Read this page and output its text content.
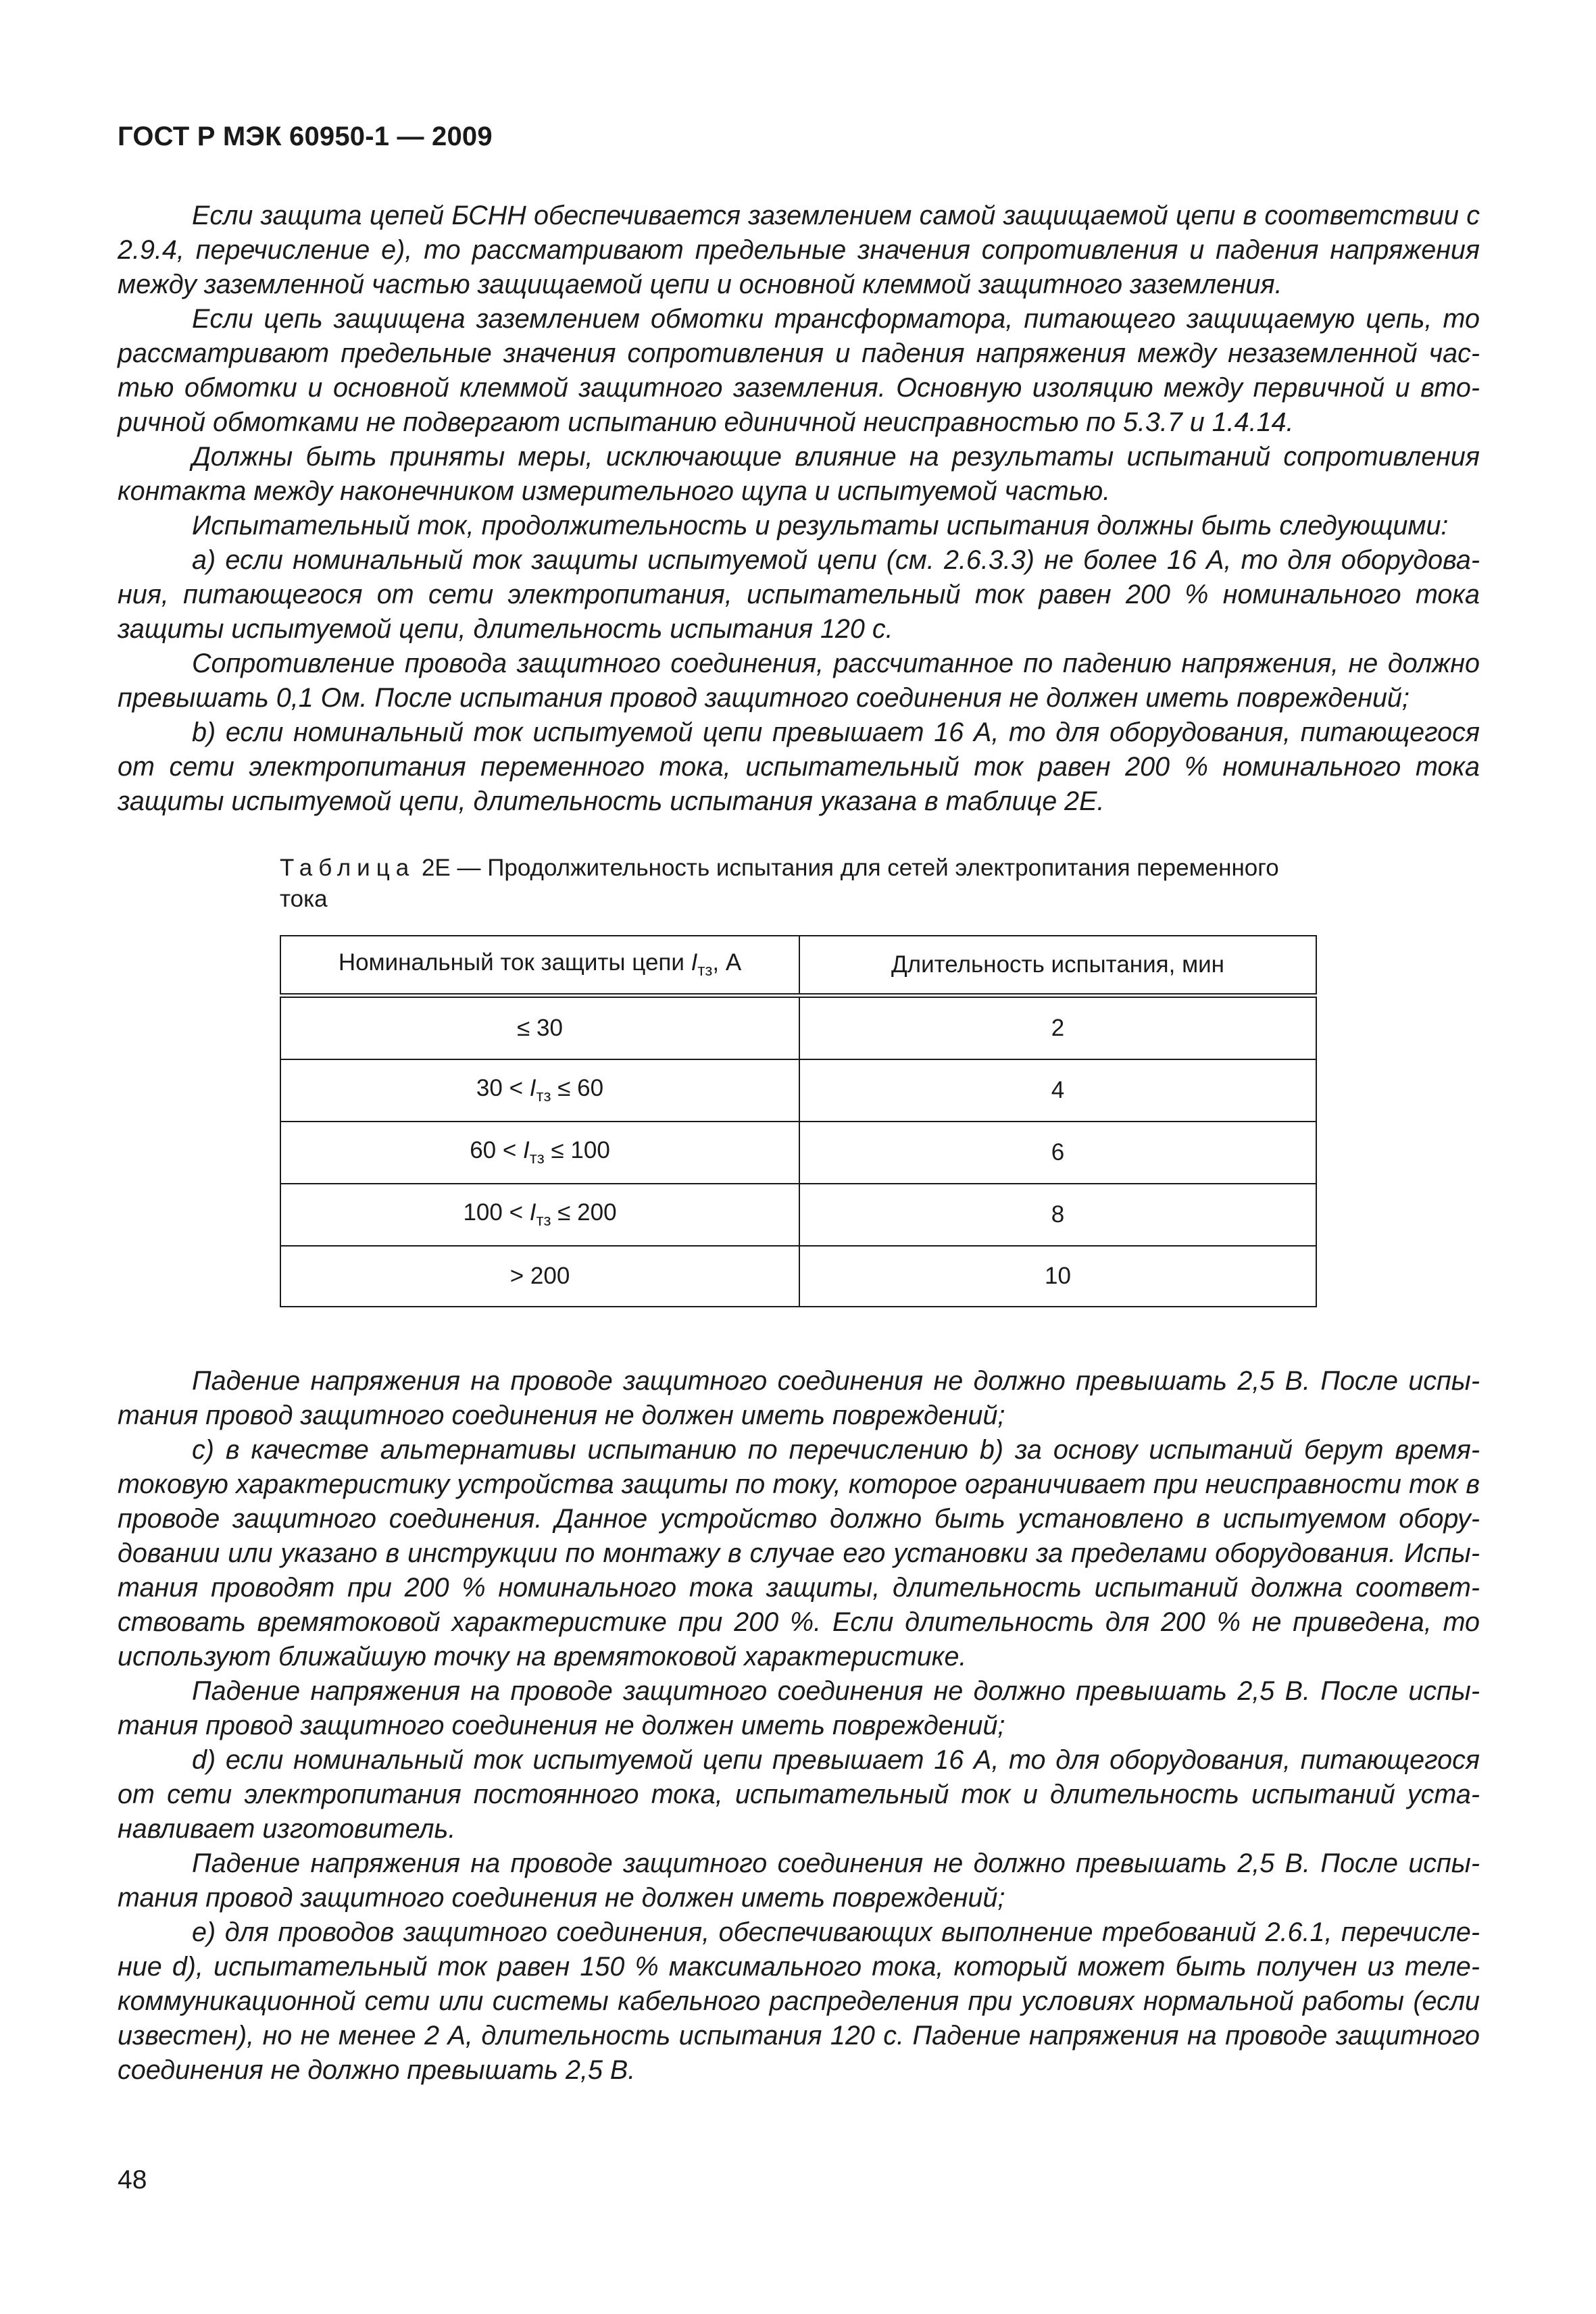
ГОСТ Р МЭК 60950-1 — 2009

Если защита цепей БСНН обеспечивается заземлением самой защищаемой цепи в соответствии с 2.9.4, перечисление е), то рассматривают предельные значения сопротивления и падения напряжения между заземленной частью защищаемой цепи и основной клеммой защитного заземления.

Если цепь защищена заземлением обмотки трансформатора, питающего защищаемую цепь, то рассматривают предельные значения сопротивления и падения напряжения между незаземленной частью обмотки и основной клеммой защитного заземления. Основную изоляцию между первичной и вторичной обмотками не подвергают испытанию единичной неисправностью по 5.3.7 и 1.4.14.

Должны быть приняты меры, исключающие влияние на результаты испытаний сопротивления контакта между наконечником измерительного щупа и испытуемой частью.

Испытательный ток, продолжительность и результаты испытания должны быть следующими:

а) если номинальный ток защиты испытуемой цепи (см. 2.6.3.3) не более 16 А, то для оборудования, питающегося от сети электропитания, испытательный ток равен 200 % номинального тока защиты испытуемой цепи, длительность испытания 120 с.

Сопротивление провода защитного соединения, рассчитанное по падению напряжения, не должно превышать 0,1 Ом. После испытания провод защитного соединения не должен иметь повреждений;

b) если номинальный ток испытуемой цепи превышает 16 А, то для оборудования, питающегося от сети электропитания переменного тока, испытательный ток равен 200 % номинального тока защиты испытуемой цепи, длительность испытания указана в таблице 2Е.

Таблица 2Е — Продолжительность испытания для сетей электропитания переменного тока
Номинальный ток защиты цепи $I_{тз}$, А	Длительность испытания, мин
≤ 30	2
$30 < I_{тз} \le 60$	4
$60 < I_{тз} \le 100$	6
$100 < I_{тз} \le 200$	8
> 200	10

Падение напряжения на проводе защитного соединения не должно превышать 2,5 В. После испытания провод защитного соединения не должен иметь повреждений;

с) в качестве альтернативы испытанию по перечислению b) за основу испытаний берут времятоковую характеристику устройства защиты по току, которое ограничивает при неисправности ток в проводе защитного соединения. Данное устройство должно быть установлено в испытуемом оборудовании или указано в инструкции по монтажу в случае его установки за пределами оборудования. Испытания проводят при 200 % номинального тока защиты, длительность испытаний должна соответствовать времятоковой характеристике при 200 %. Если длительность для 200 % не приведена, то используют ближайшую точку на времятоковой характеристике.

Падение напряжения на проводе защитного соединения не должно превышать 2,5 В. После испытания провод защитного соединения не должен иметь повреждений;

d) если номинальный ток испытуемой цепи превышает 16 А, то для оборудования, питающегося от сети электропитания постоянного тока, испытательный ток и длительность испытаний устанавливает изготовитель.

Падение напряжения на проводе защитного соединения не должно превышать 2,5 В. После испытания провод защитного соединения не должен иметь повреждений;

е) для проводов защитного соединения, обеспечивающих выполнение требований 2.6.1, перечисление d), испытательный ток равен 150 % максимального тока, который может быть получен из телекоммуникационной сети или системы кабельного распределения при условиях нормальной работы (если известен), но не менее 2 А, длительность испытания 120 с. Падение напряжения на проводе защитного соединения не должно превышать 2,5 В.

48
